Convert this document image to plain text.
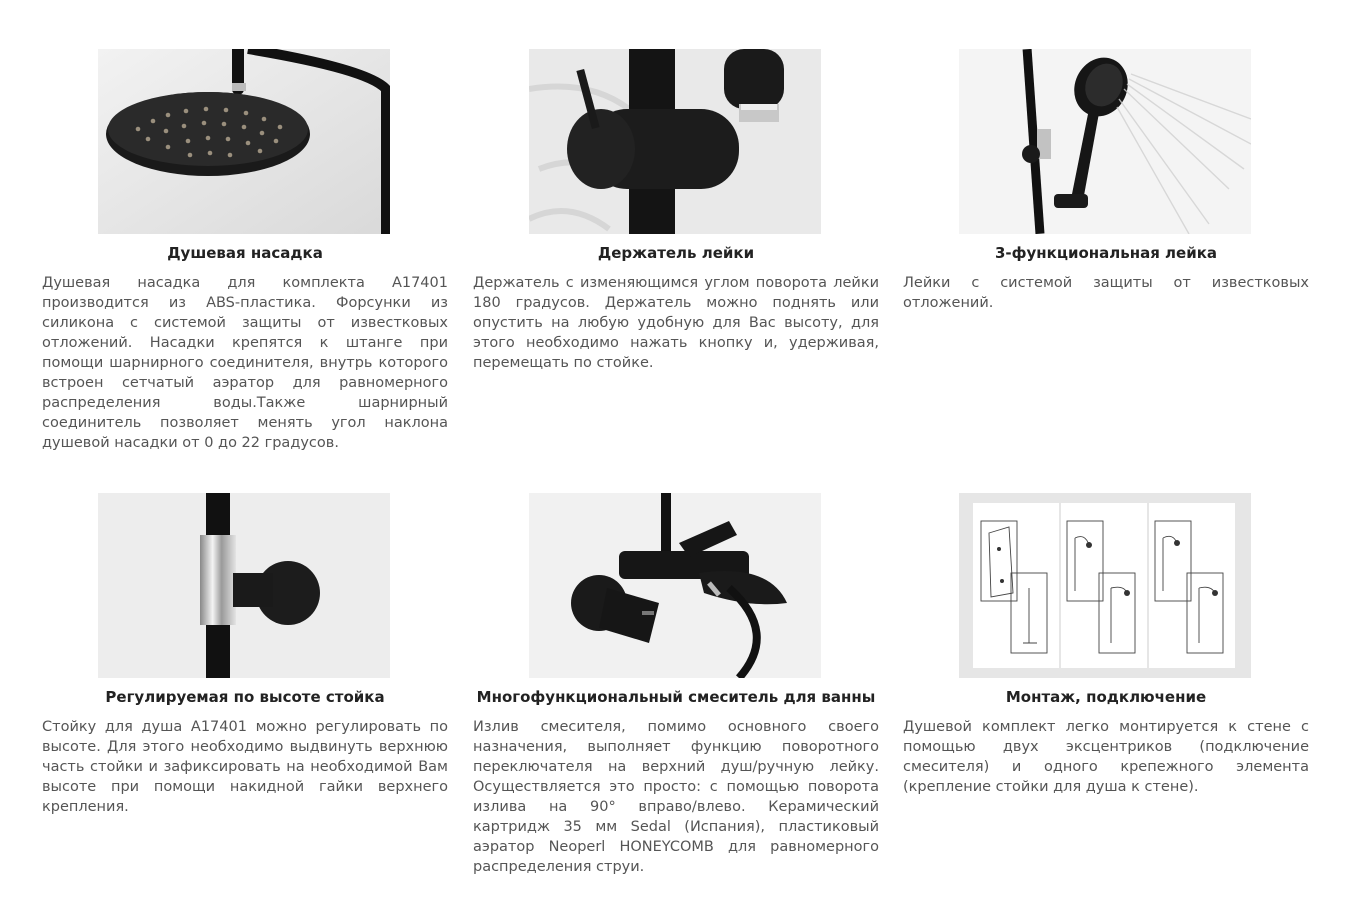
Душевая насадка

Душевая насадка для комплекта A17401 производится из ABS-пластика. Форсунки из силикона с системой защиты от известковых отложений. Насадки крепятся к штанге при помощи шарнирного соединителя, внутрь которого встроен сетчатый аэратор для равномерного распределения воды.Также шарнирный соединитель позволяет менять угол наклона душевой насадки от 0 до 22 градусов.

Держатель лейки

Держатель с изменяющимся углом поворота лейки 180 градусов. Держатель можно поднять или опустить на любую удобную для Вас высоту, для этого необходимо нажать кнопку и, удерживая, перемещать по стойке.

3-функциональная лейка

Лейки с системой защиты от известковых отложений.

Регулируемая по высоте стойка

Стойку для душа A17401 можно регулировать по высоте. Для этого необходимо выдвинуть верхнюю часть стойки и зафиксировать на необходимой Вам высоте при помощи накидной гайки верхнего крепления.

Многофункциональный смеситель для ванны

Излив смесителя, помимо основного своего назначения, выполняет функцию поворотного переключателя на верхний душ/ручную лейку. Осуществляется это просто: с помощью поворота излива на 90° вправо/влево. Керамический картридж 35 мм Sedal (Испания), пластиковый аэратор Neoperl HONEYCOMB для равномерного распределения струи.

Монтаж, подключение

Душевой комплект легко монтируется к стене с помощью двух эксцентриков (подключение смесителя) и одного крепежного элемента (крепление стойки для душа к стене).
